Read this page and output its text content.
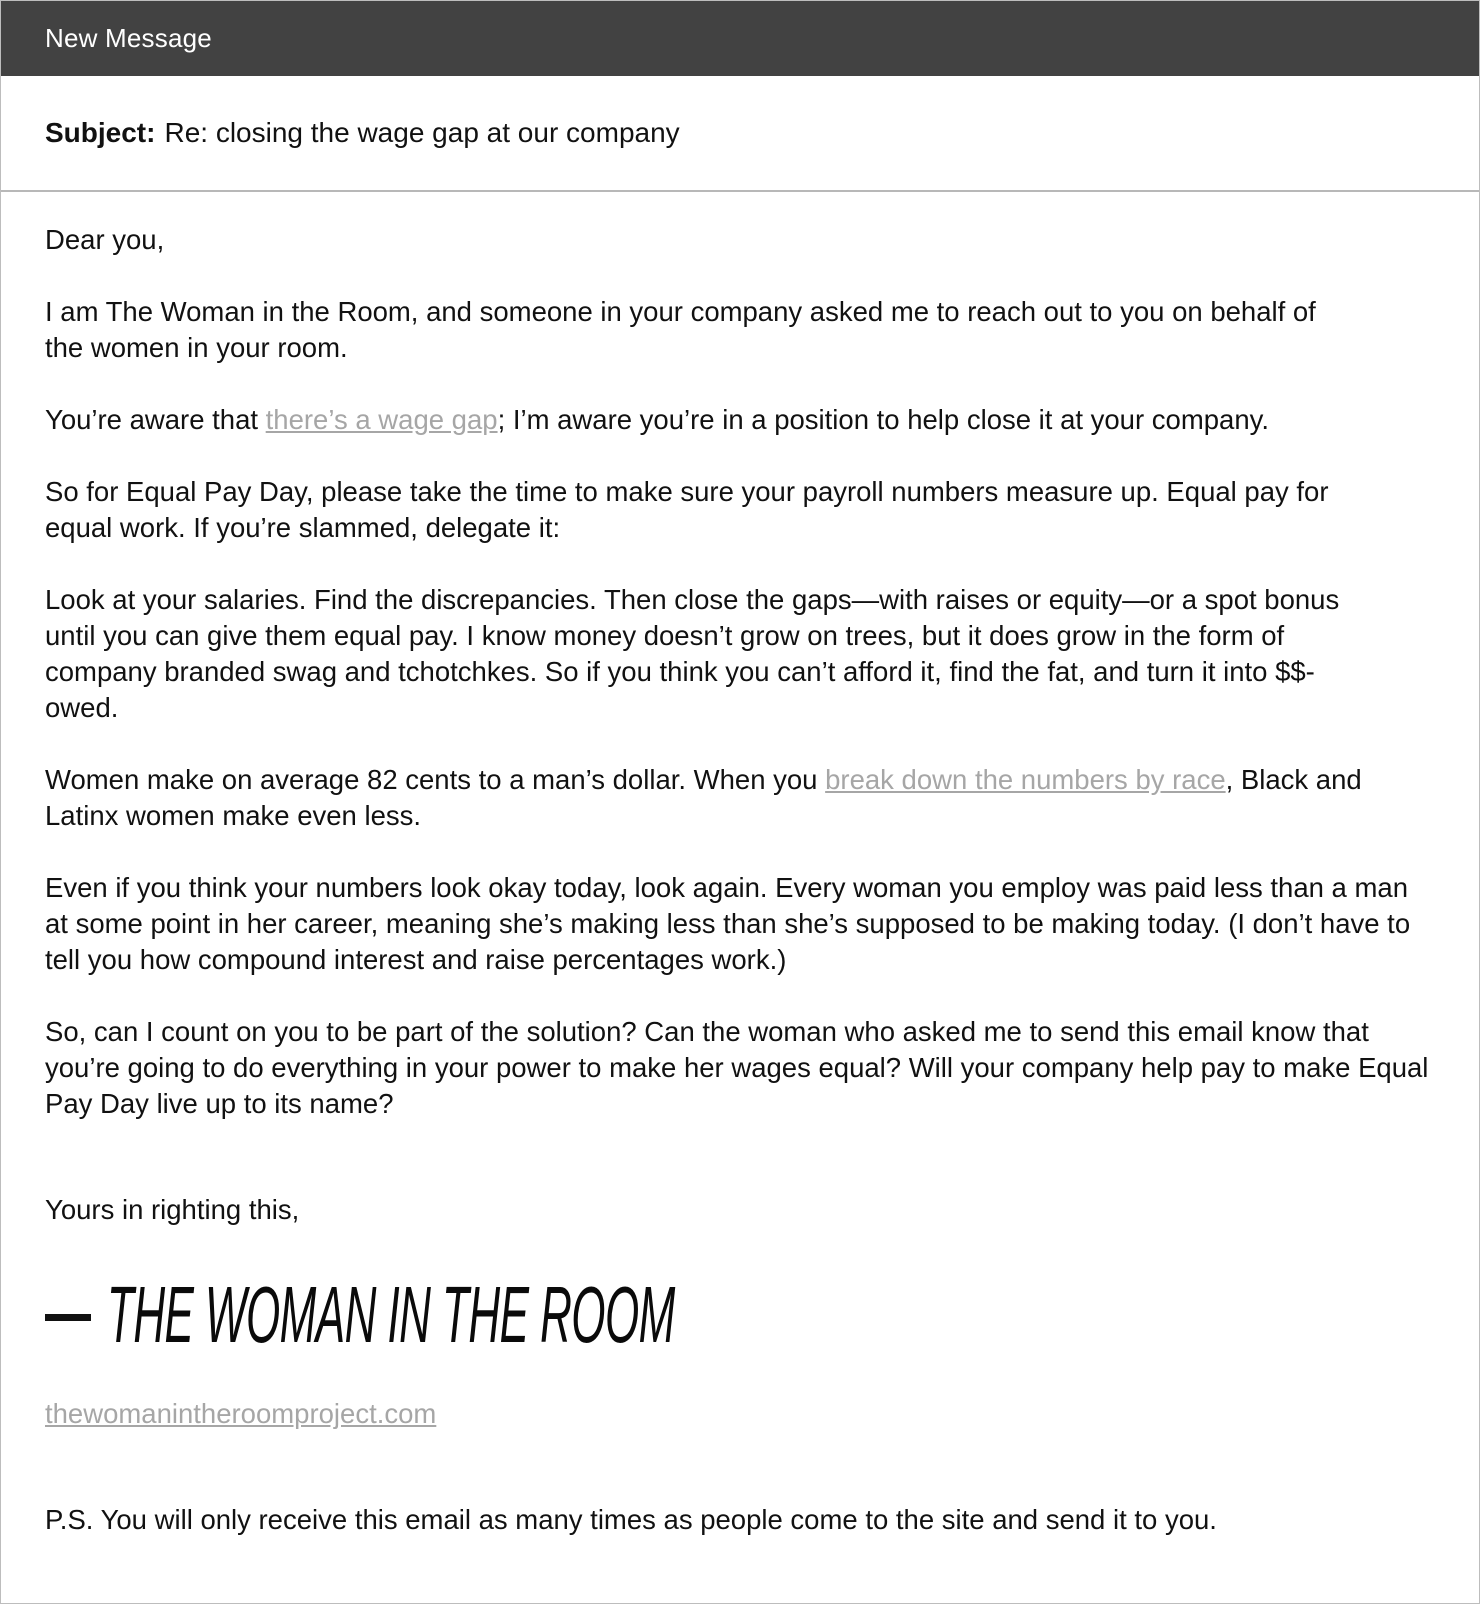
New Message
Subject: Re: closing the wage gap at our company

Dear you,

I am The Woman in the Room, and someone in your company asked me to reach out to you on behalf of the women in your room.

You’re aware that there’s a wage gap; I’m aware you’re in a position to help close it at your company.

So for Equal Pay Day, please take the time to make sure your payroll numbers measure up. Equal pay for equal work. If you’re slammed, delegate it:

Look at your salaries. Find the discrepancies. Then close the gaps—with raises or equity—or a spot bonus until you can give them equal pay. I know money doesn’t grow on trees, but it does grow in the form of company branded swag and tchotchkes. So if you think you can’t afford it, find the fat, and turn it into $$-owed.

Women make on average 82 cents to a man’s dollar. When you break down the numbers by race, Black and Latinx women make even less.

Even if you think your numbers look okay today, look again. Every woman you employ was paid less than a man at some point in her career, meaning she’s making less than she’s supposed to be making today. (I don’t have to tell you how compound interest and raise percentages work.)

So, can I count on you to be part of the solution? Can the woman who asked me to send this email know that you’re going to do everything in your power to make her wages equal? Will your company help pay to make Equal Pay Day live up to its name?

Yours in righting this,

THE WOMAN IN THE ROOM
thewomanintheroomproject.com

P.S. You will only receive this email as many times as people come to the site and send it to you.
